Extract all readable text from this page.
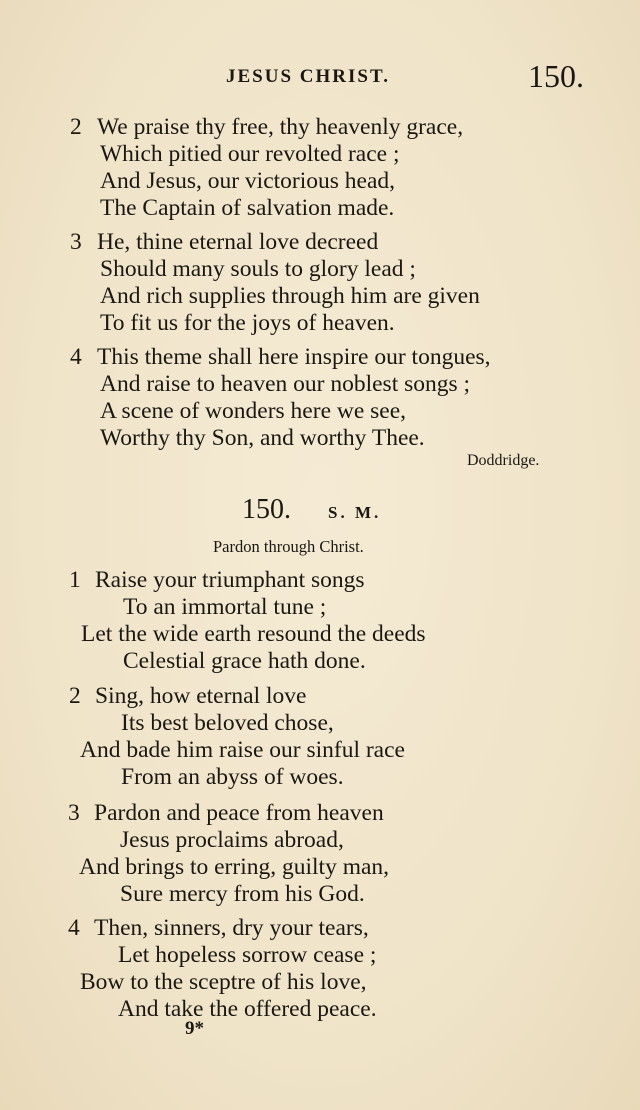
JESUS CHRIST.	150.
2 We praise thy free, thy heavenly grace,
Which pitied our revolted race ;
And Jesus, our victorious head,
The Captain of salvation made.
3 He, thine eternal love decreed
Should many souls to glory lead ;
And rich supplies through him are given
To fit us for the joys of heaven.
4 This theme shall here inspire our tongues,
And raise to heaven our noblest songs ;
A scene of wonders here we see,
Worthy thy Son, and worthy Thee.
Doddridge.
150. S. M.
Pardon through Christ.
1 Raise your triumphant songs
To an immortal tune ;
Let the wide earth resound the deeds
Celestial grace hath done.
2 Sing, how eternal love
Its best beloved chose,
And bade him raise our sinful race
From an abyss of woes.
3 Pardon and peace from heaven
Jesus proclaims abroad,
And brings to erring, guilty man,
Sure mercy from his God.
4 Then, sinners, dry your tears,
Let hopeless sorrow cease ;
Bow to the sceptre of his love,
And take the offered peace.
9*
